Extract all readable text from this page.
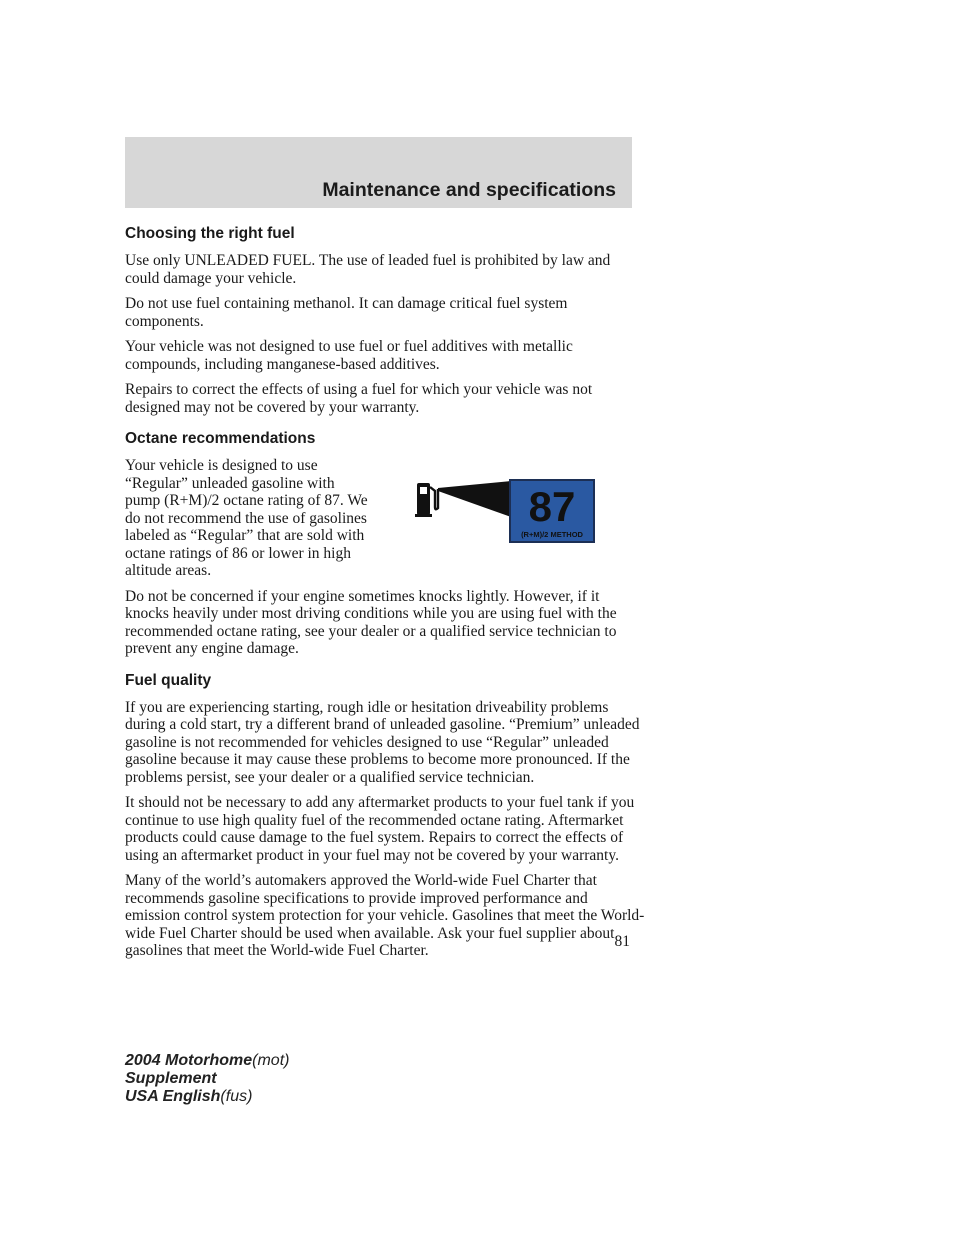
Maintenance and specifications
Choosing the right fuel

Use only UNLEADED FUEL. The use of leaded fuel is prohibited by law and could damage your vehicle.

Do not use fuel containing methanol. It can damage critical fuel system components.

Your vehicle was not designed to use fuel or fuel additives with metallic compounds, including manganese-based additives.

Repairs to correct the effects of using a fuel for which your vehicle was not designed may not be covered by your warranty.

Octane recommendations

Your vehicle is designed to use “Regular” unleaded gasoline with pump (R+M)/2 octane rating of 87. We do not recommend the use of gasolines labeled as “Regular” that are sold with octane ratings of 86 or lower in high altitude areas.

87
(R+M)/2 METHOD

Do not be concerned if your engine sometimes knocks lightly. However, if it knocks heavily under most driving conditions while you are using fuel with the recommended octane rating, see your dealer or a qualified service technician to prevent any engine damage.

Fuel quality

If you are experiencing starting, rough idle or hesitation driveability problems during a cold start, try a different brand of unleaded gasoline. “Premium” unleaded gasoline is not recommended for vehicles designed to use “Regular” unleaded gasoline because it may cause these problems to become more pronounced. If the problems persist, see your dealer or a qualified service technician.

It should not be necessary to add any aftermarket products to your fuel tank if you continue to use high quality fuel of the recommended octane rating. Aftermarket products could cause damage to the fuel system. Repairs to correct the effects of using an aftermarket product in your fuel may not be covered by your warranty.

Many of the world’s automakers approved the World-wide Fuel Charter that recommends gasoline specifications to provide improved performance and emission control system protection for your vehicle. Gasolines that meet the World-wide Fuel Charter should be used when available. Ask your fuel supplier about gasolines that meet the World-wide Fuel Charter.

81
2004 Motorhome(mot)
Supplement
USA English(fus)
